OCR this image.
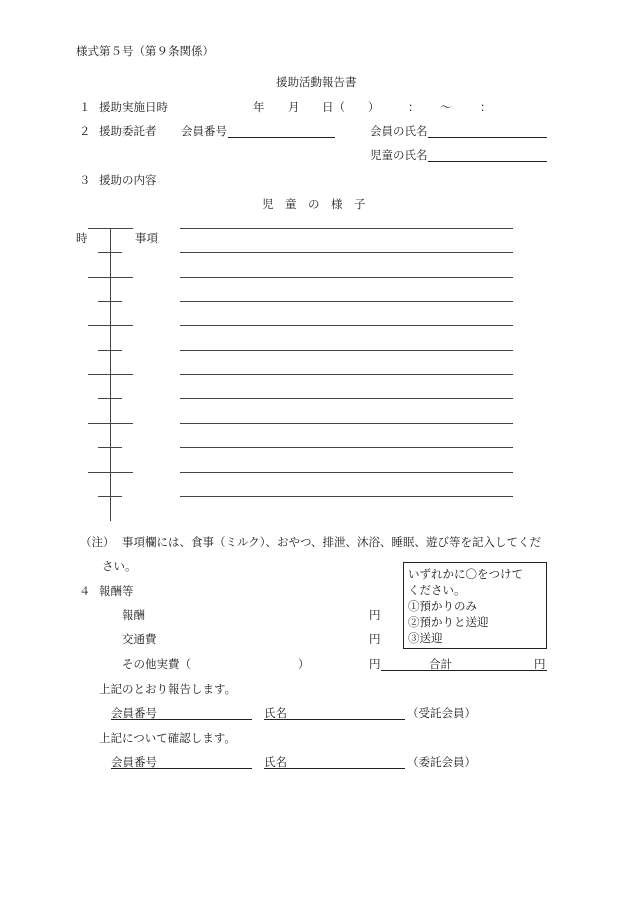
様式第５号（第９条関係）
援助活動報告書
１ 援助実施日時	年 月 日（ ） ： ～ ：
２ 援助委託者 会員番号	会員の氏名
児童の氏名
３ 援助の内容
児　童　の　様　子
時	事項
（注） 事項欄には、食事（ミルク）、おやつ、排泄、沐浴、睡眠、遊び等を記入してくだ
さい。
いずれかに〇をつけて
ください。
①預かりのみ
②預かりと送迎
③送迎
４ 報酬等
報酬	円
交通費	円
その他実費（	）	円	合計	円
上記のとおり報告します。
会員番号	氏名	（受託会員）
上記について確認します。
会員番号	氏名	（委託会員）
